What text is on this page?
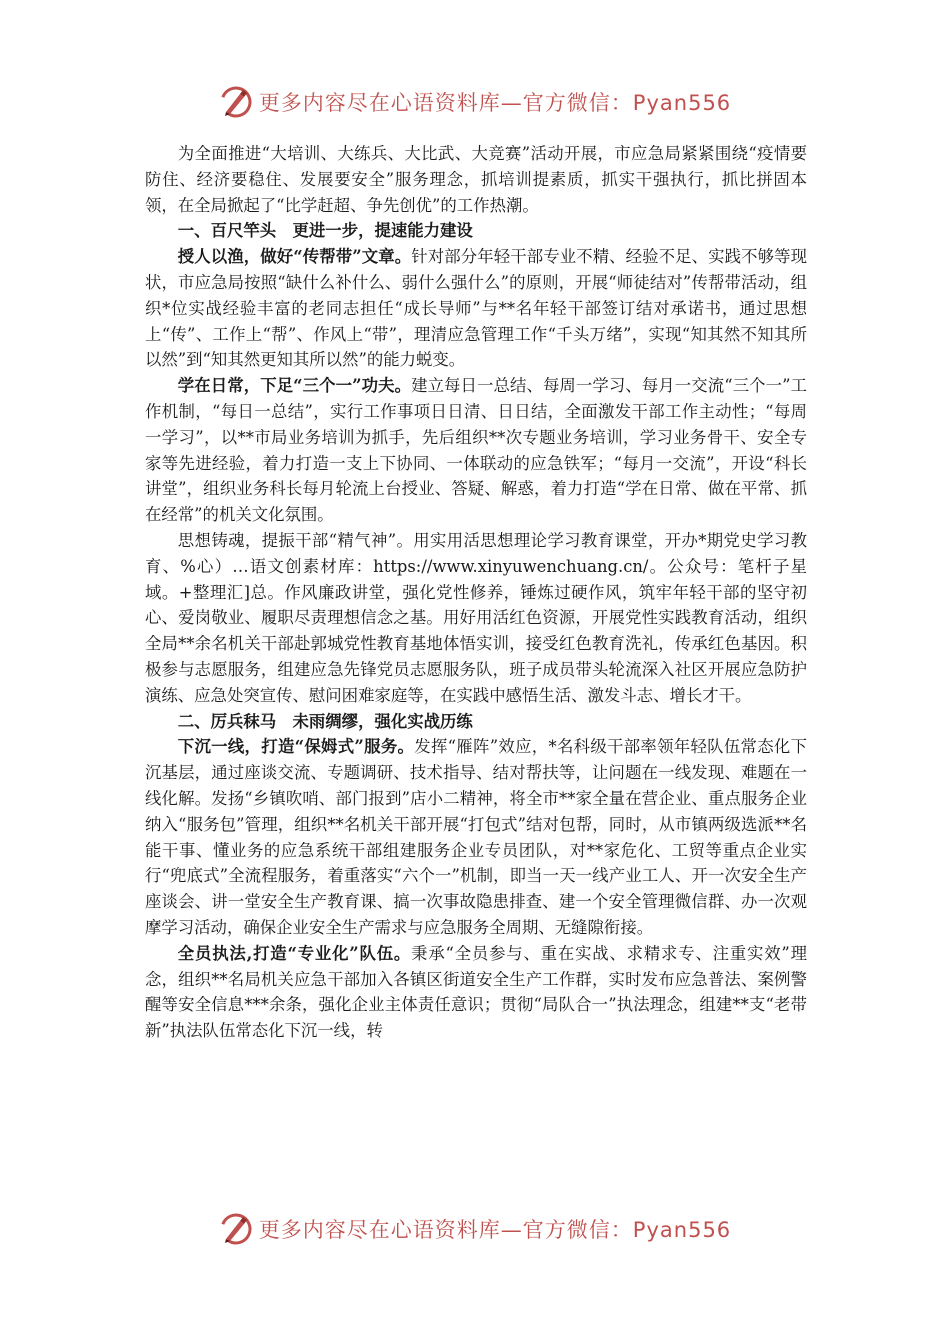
更多内容尽在心语资料库—官方微信：Pyan556

为全面推进“大培训、大练兵、大比武、大竞赛”活动开展，市应急局紧紧围绕“疫情要防住、经济要稳住、发展要安全”服务理念，抓培训提素质，抓实干强执行，抓比拼固本领，在全局掀起了“比学赶超、争先创优”的工作热潮。

一、百尺竿头　更进一步，提速能力建设

授人以渔，做好“传帮带”文章。针对部分年轻干部专业不精、经验不足、实践不够等现状，市应急局按照“缺什么补什么、弱什么强什么”的原则，开展“师徒结对”传帮带活动，组织*位实战经验丰富的老同志担任“成长导师”与**名年轻干部签订结对承诺书，通过思想上“传”、工作上“帮”、作风上“带”，理清应急管理工作“千头万绪”，实现“知其然不知其所以然”到“知其然更知其所以然”的能力蜕变。

学在日常，下足“三个一”功夫。建立每日一总结、每周一学习、每月一交流“三个一”工作机制，“每日一总结”，实行工作事项日日清、日日结，全面激发干部工作主动性；“每周一学习”，以**市局业务培训为抓手，先后组织**次专题业务培训，学习业务骨干、安全专家等先进经验，着力打造一支上下协同、一体联动的应急铁军；“每月一交流”，开设“科长讲堂”，组织业务科长每月轮流上台授业、答疑、解惑，着力打造“学在日常、做在平常、抓在经常”的机关文化氛围。

思想铸魂，提振干部“精气神”。用实用活思想理论学习教育课堂，开办*期党史学习教育、%心）…语文创素材库：https://www.xinyuwenchuang.cn/。公众号：笔杆子星域。+整理汇]总。作风廉政讲堂，强化党性修养，锤炼过硬作风，筑牢年轻干部的坚守初心、爱岗敬业、履职尽责理想信念之基。用好用活红色资源，开展党性实践教育活动，组织全局**余名机关干部赴郭城党性教育基地体悟实训，接受红色教育洗礼，传承红色基因。积极参与志愿服务，组建应急先锋党员志愿服务队，班子成员带头轮流深入社区开展应急防护演练、应急处突宣传、慰问困难家庭等，在实践中感悟生活、激发斗志、增长才干。

二、厉兵秣马　未雨绸缪，强化实战历练

下沉一线，打造“保姆式”服务。发挥“雁阵”效应，*名科级干部率领年轻队伍常态化下沉基层，通过座谈交流、专题调研、技术指导、结对帮扶等，让问题在一线发现、难题在一线化解。发扬“乡镇吹哨、部门报到”店小二精神，将全市**家全量在营企业、重点服务企业纳入“服务包”管理，组织**名机关干部开展“打包式”结对包帮，同时，从市镇两级选派**名能干事、懂业务的应急系统干部组建服务企业专员团队，对**家危化、工贸等重点企业实行“兜底式”全流程服务，着重落实“六个一”机制，即当一天一线产业工人、开一次安全生产座谈会、讲一堂安全生产教育课、搞一次事故隐患排查、建一个安全管理微信群、办一次观摩学习活动，确保企业安全生产需求与应急服务全周期、无缝隙衔接。

全员执法,打造“专业化”队伍。秉承“全员参与、重在实战、求精求专、注重实效”理念，组织**名局机关应急干部加入各镇区街道安全生产工作群，实时发布应急普法、案例警醒等安全信息***余条，强化企业主体责任意识；贯彻“局队合一”执法理念，组建**支“老带新”执法队伍常态化下沉一线，转

更多内容尽在心语资料库—官方微信：Pyan556
